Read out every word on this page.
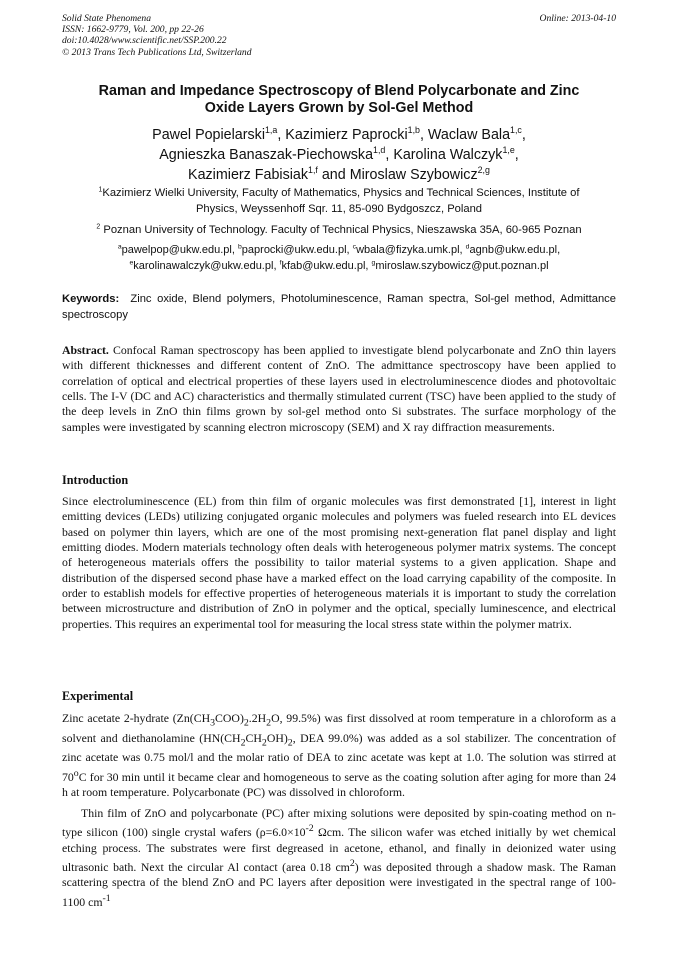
Solid State Phenomena
ISSN: 1662-9779, Vol. 200, pp 22-26
doi:10.4028/www.scientific.net/SSP.200.22
© 2013 Trans Tech Publications Ltd, Switzerland
Online: 2013-04-10
Raman and Impedance Spectroscopy of Blend Polycarbonate and Zinc
Oxide Layers Grown by Sol-Gel Method
Pawel Popielarski$^{1,a}$, Kazimierz Paprocki$^{1,b}$, Waclaw Bala$^{1,c}$,
Agnieszka Banaszak-Piechowska$^{1,d}$, Karolina Walczyk$^{1,e}$,
Kazimierz Fabisiak$^{1,f}$ and Miroslaw Szybowicz$^{2,g}$
$^1$Kazimierz Wielki University, Faculty of Mathematics, Physics and Technical Sciences, Institute of
Physics, Weyssenhoff Sqr. 11, 85-090 Bydgoszcz, Poland
$^2$ Poznan University of Technology. Faculty of Technical Physics, Nieszawska 35A, 60-965 Poznan
$^a$pawelpop@ukw.edu.pl, $^b$paprocki@ukw.edu.pl, $^c$wbala@fizyka.umk.pl, $^d$agnb@ukw.edu.pl,
$^e$karolinawalczyk@ukw.edu.pl, $^f$kfab@ukw.edu.pl, $^g$miroslaw.szybowicz@put.poznan.pl
Keywords: Zinc oxide, Blend polymers, Photoluminescence, Raman spectra, Sol-gel method, Admittance spectroscopy
Abstract. Confocal Raman spectroscopy has been applied to investigate blend polycarbonate and ZnO thin layers with different thicknesses and different content of ZnO. The admittance spectroscopy have been applied to correlation of optical and electrical properties of these layers used in electroluminescence diodes and photovoltaic cells. The I-V (DC and AC) characteristics and thermally stimulated current (TSC) have been applied to the study of the deep levels in ZnO thin films grown by sol-gel method onto Si substrates. The surface morphology of the samples were investigated by scanning electron microscopy (SEM) and X ray diffraction measurements.
Introduction
Since electroluminescence (EL) from thin film of organic molecules was first demonstrated [1], interest in light emitting devices (LEDs) utilizing conjugated organic molecules and polymers was fueled research into EL devices based on polymer thin layers, which are one of the most promising next-generation flat panel display and light emitting diodes. Modern materials technology often deals with heterogeneous polymer matrix systems. The concept of heterogeneous materials offers the possibility to tailor material systems to a given application. Shape and distribution of the dispersed second phase have a marked effect on the load carrying capability of the composite. In order to establish models for effective properties of heterogeneous materials it is important to study the correlation between microstructure and distribution of ZnO in polymer and the optical, specially luminescence, and electrical properties. This requires an experimental tool for measuring the local stress state within the polymer matrix.
Experimental
Zinc acetate 2-hydrate ($Zn(CH_3COO)_2.2H_2O$, 99.5%) was first dissolved at room temperature in a chloroform as a solvent and diethanolamine ($HN(CH_2CH_2OH)_2$, DEA 99.0%) was added as a sol stabilizer. The concentration of zinc acetate was 0.75 mol/l and the molar ratio of DEA to zinc acetate was kept at 1.0. The solution was stirred at 70$^o$C for 30 min until it became clear and homogeneous to serve as the coating solution after aging for more than 24 h at room temperature. Polycarbonate (PC) was dissolved in chloroform.
Thin film of ZnO and polycarbonate (PC) after mixing solutions were deposited by spin-coating method on n-type silicon (100) single crystal wafers ($\rho=6.0\times 10^{-2}$ Ωcm. The silicon wafer was etched initially by wet chemical etching process. The substrates were first degreased in acetone, ethanol, and finally in deionized water using ultrasonic bath. Next the circular Al contact (area 0.18 $cm^2$) was deposited through a shadow mask. The Raman scattering spectra of the blend ZnO and PC layers after deposition were investigated in the spectral range of 100-1100 $cm^{-1}$
